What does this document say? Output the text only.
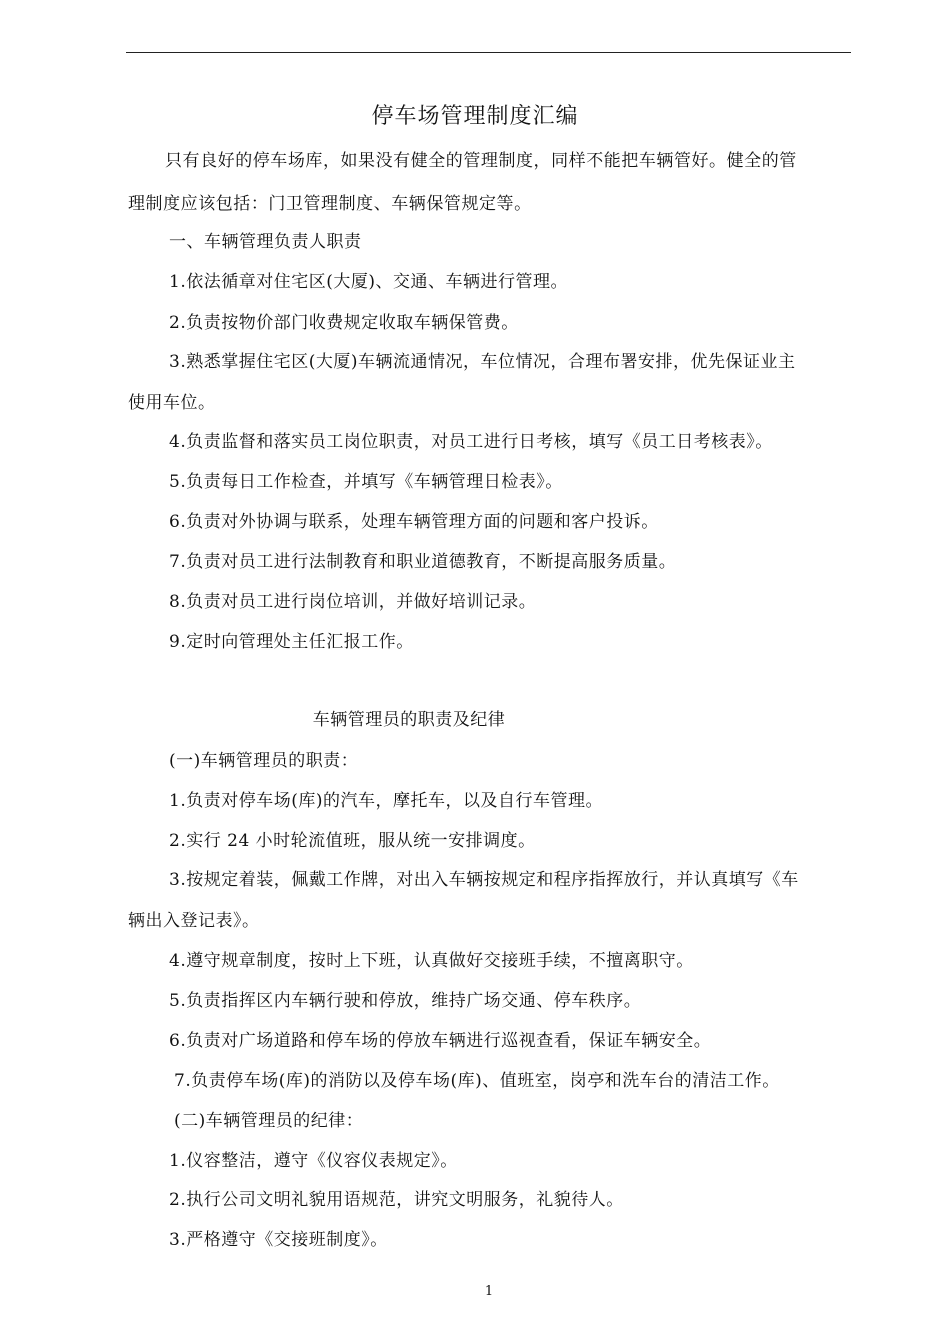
停车场管理制度汇编
只有良好的停车场库，如果没有健全的管理制度，同样不能把车辆管好。健全的管
理制度应该包括：门卫管理制度、车辆保管规定等。
一、车辆管理负责人职责
1.依法循章对住宅区(大厦)、交通、车辆进行管理。
2.负责按物价部门收费规定收取车辆保管费。
3.熟悉掌握住宅区(大厦)车辆流通情况，车位情况，合理布署安排，优先保证业主
使用车位。
4.负责监督和落实员工岗位职责，对员工进行日考核，填写《员工日考核表》。
5.负责每日工作检查，并填写《车辆管理日检表》。
6.负责对外协调与联系，处理车辆管理方面的问题和客户投诉。
7.负责对员工进行法制教育和职业道德教育，不断提高服务质量。
8.负责对员工进行岗位培训，并做好培训记录。
9.定时向管理处主任汇报工作。
车辆管理员的职责及纪律
(一)车辆管理员的职责：
1.负责对停车场(库)的汽车，摩托车，以及自行车管理。
2.实行 24 小时轮流值班，服从统一安排调度。
3.按规定着装，佩戴工作牌，对出入车辆按规定和程序指挥放行，并认真填写《车
辆出入登记表》。
4.遵守规章制度，按时上下班，认真做好交接班手续，不擅离职守。
5.负责指挥区内车辆行驶和停放，维持广场交通、停车秩序。
6.负责对广场道路和停车场的停放车辆进行巡视查看，保证车辆安全。
7.负责停车场(库)的消防以及停车场(库)、值班室，岗亭和洗车台的清洁工作。
(二)车辆管理员的纪律：
1.仪容整洁，遵守《仪容仪表规定》。
2.执行公司文明礼貌用语规范，讲究文明服务，礼貌待人。
3.严格遵守《交接班制度》。
1
